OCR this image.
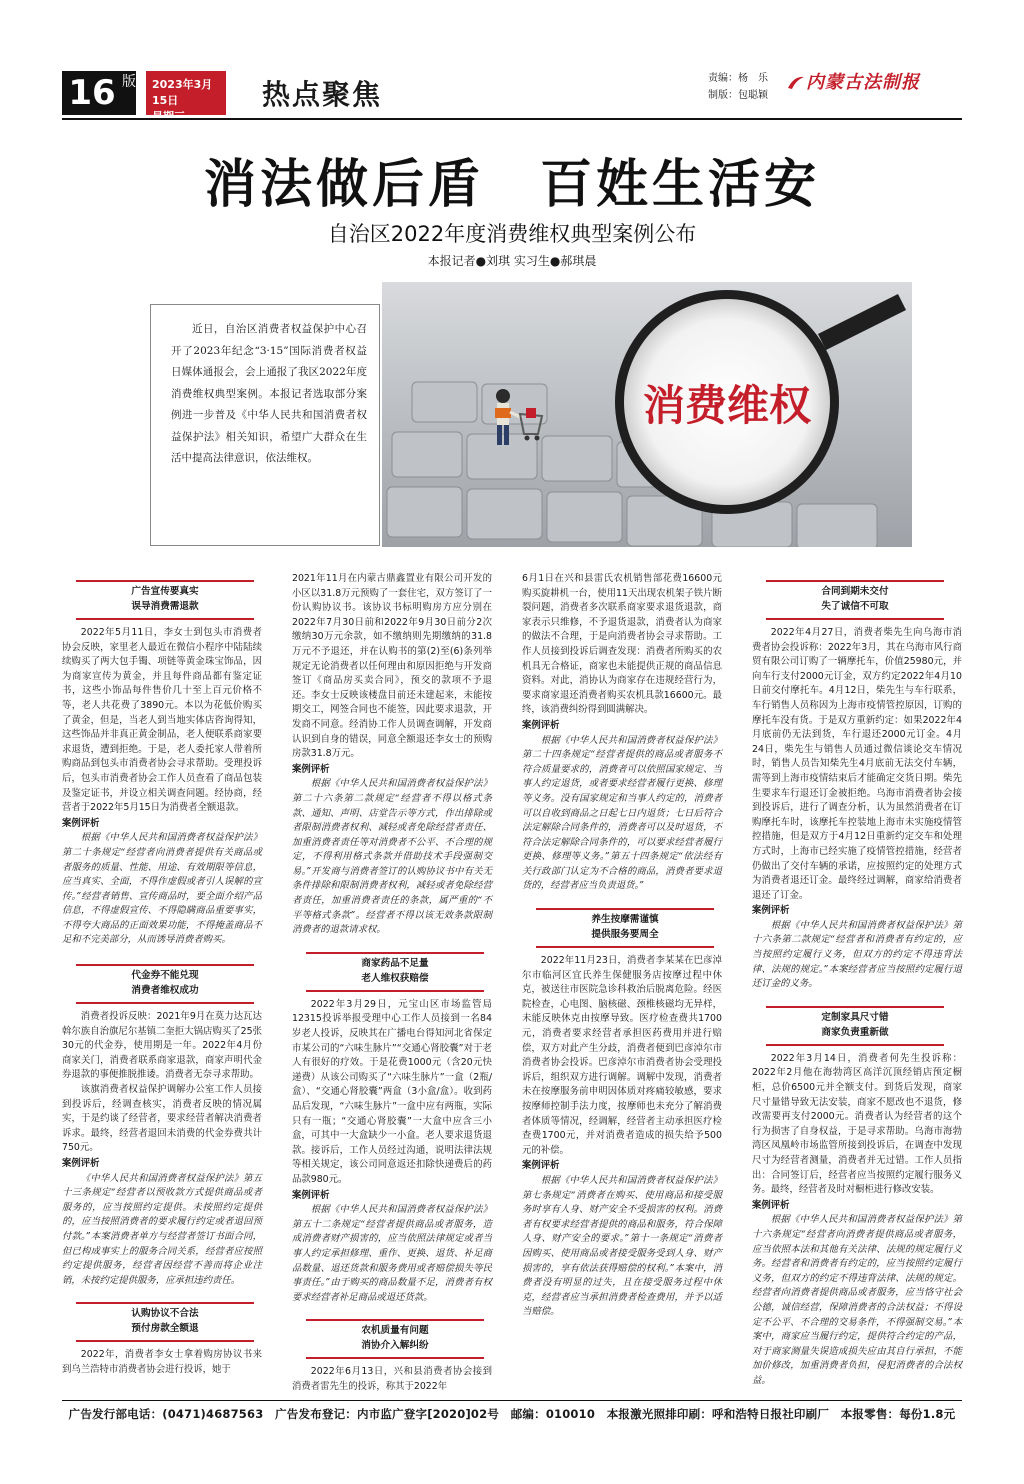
16 版 2023年3月15日
星期三
热点聚焦	责编：杨　乐
制版：包聪颖
内蒙古法制报
消法做后盾　百姓生活安
自治区2022年度消费维权典型案例公布
本报记者●刘琪 实习生●郝琪晨

近日，自治区消费者权益保护中心召开了2023年纪念“3·15”国际消费者权益日媒体通报会，会上通报了我区2022年度消费维权典型案例。本报记者选取部分案例进一步普及《中华人民共和国消费者权益保护法》相关知识，希望广大群众在生活中提高法律意识，依法维权。

消费维权
广告宣传要真实
误导消费需退款

2022年5月11日，李女士到包头市消费者协会反映，家里老人最近在微信小程序中陆陆续续购买了两大包手镯、项链等黄金珠宝饰品，因为商家宣传为黄金，并且每件商品都有鉴定证书，这些小饰品每件售价几十至上百元价格不等，老人共花费了3890元。本以为花低价购买了黄金，但是，当老人到当地实体店咨询得知，这些饰品并非真正黄金制品，老人便联系商家要求退货，遭到拒绝。于是，老人委托家人带着所购商品到包头市消费者协会寻求帮助。受理投诉后，包头市消费者协会工作人员查看了商品包装及鉴定证书，并设立相关调查问题。经协商，经营者于2022年5月15日为消费者全额退款。

案例评析

根据《中华人民共和国消费者权益保护法》第二十条规定“经营者向消费者提供有关商品或者服务的质量、性能、用途、有效期限等信息，应当真实、全面，不得作虚假或者引人误解的宣传。”经营者销售、宣传商品时，要全面介绍产品信息，不得虚假宣传、不得隐瞒商品重要事实，不得夸大商品的正面效果功能，不得掩盖商品不足和不完美部分，从而诱导消费者购买。

代金券不能兑现
消费者维权成功

消费者投诉反映：2021年9月在莫力达瓦达斡尔族自治旗尼尔基镇二奎拒大锅店购买了25张30元的代金券，使用期是一年。2022年4月份商家关门，消费者联系商家退款，商家声明代金券退款的事便推脱推诿。消费者无奈寻求帮助。

该旗消费者权益保护调解办公室工作人员接到投诉后，经调查核实，消费者反映的情况属实，于是约谈了经营者，要求经营者解决消费者诉求。最终，经营者退回未消费的代金券费共计750元。

案例评析

《中华人民共和国消费者权益保护法》第五十三条规定“经营者以预收款方式提供商品或者服务的，应当按照约定提供。未按照约定提供的，应当按照消费者的要求履行约定或者退回预付款。”本案消费者单方与经营者签订书面合同，但已构成事实上的服务合同关系，经营者应按照约定提供服务，经营者因经营不善而将企业注销，未按约定提供服务，应承担违约责任。

认购协议不合法
预付房款全额退

2022年，消费者李女士拿着购房协议书来到乌兰浩特市消费者协会进行投诉，她于

2021年11月在内蒙古鼎鑫置业有限公司开发的小区以31.8万元预购了一套住宅，双方签订了一份认购协议书。该协议书标明购房方应分别在2022年7月30日前和2022年9月30日前分2次缴纳30万元余款，如不缴纳则先期缴纳的31.8万元不予退还，并在认购书的第(2)至(6)条列举规定无论消费者以任何理由和原因拒绝与开发商签订《商品房买卖合同》，预交的款项不予退还。李女士反映该楼盘目前还未建起来，未能按期交工，网签合同也不能签，因此要求退款，开发商不同意。经消协工作人员调查调解，开发商认识到自身的错误，同意全额退还李女士的预购房款31.8万元。

案例评析

根据《中华人民共和国消费者权益保护法》第二十六条第二款规定“经营者不得以格式条款、通知、声明、店堂告示等方式，作出排除或者限制消费者权利、减轻或者免除经营者责任、加重消费者责任等对消费者不公平、不合理的规定，不得利用格式条款并借助技术手段强制交易。”开发商与消费者签订的认购协议书中有关无条件排除和限制消费者权利，减轻或者免除经营者责任，加重消费者责任的条款，属严重的“不平等格式条款”。经营者不得以该无效条款限制消费者的退款请求权。

商家药品不足量
老人维权获赔偿

2022年3月29日，元宝山区市场监管局12315投诉举报受理中心工作人员接到一名84岁老人投诉，反映其在广播电台得知河北省保定市某公司的“六味生脉片”“交通心肾胶囊”对于老人有很好的疗效。于是花费1000元（含20元快递费）从该公司购买了“六味生脉片”一盒（2瓶/盒）、“交通心肾胶囊”两盒（3小盒/盒）。收到药品后发现，“六味生脉片”一盒中应有两瓶，实际只有一瓶；“交通心肾胶囊”一大盒中应含三小盒，可其中一大盒缺少一小盒。老人要求退货退款。接诉后，工作人员经过沟通，说明法律法规等相关规定，该公司同意返还扣除快递费后的药品款980元。

案例评析

根据《中华人民共和国消费者权益保护法》第五十二条规定“经营者提供商品或者服务，造成消费者财产损害的，应当依照法律规定或者当事人约定承担修理、重作、更换、退货、补足商品数量、退还货款和服务费用或者赔偿损失等民事责任。”由于购买的商品数量不足，消费者有权要求经营者补足商品或退还货款。

农机质量有问题
消协介入解纠纷

2022年6月13日，兴和县消费者协会接到消费者雷先生的投诉，称其于2022年

6月1日在兴和县雷氏农机销售部花费16600元购买旋耕机一台，使用11天出现农机架子铁片断裂问题，消费者多次联系商家要求退货退款，商家表示只维修，不予退货退款，消费者认为商家的做法不合理，于是向消费者协会寻求帮助。工作人员接到投诉后调查发现：消费者所购买的农机具无合格证，商家也未能提供正规的商品信息资料。对此，消协认为商家存在违规经营行为，要求商家退还消费者购买农机具款16600元。最终，该消费纠纷得到圆满解决。

案例评析

根据《中华人民共和国消费者权益保护法》第二十四条规定“经营者提供的商品或者服务不符合质量要求的，消费者可以依照国家规定、当事人约定退货，或者要求经营者履行更换、修理等义务。没有国家规定和当事人约定的，消费者可以自收到商品之日起七日内退货；七日后符合法定解除合同条件的，消费者可以及时退货，不符合法定解除合同条件的，可以要求经营者履行更换、修理等义务。”第五十四条规定“依法经有关行政部门认定为不合格的商品，消费者要求退货的，经营者应当负责退货。”

养生按摩需谨慎
提供服务要周全

2022年11月23日，消费者李某某在巴彦淖尔市临河区宜氏养生保健服务店按摩过程中休克，被送往市医院急诊科救治后脱离危险。经医院检查，心电图、脑核磁、颈椎核磁均无异样，未能反映休克由按摩导致。医疗检查费共1700元，消费者要求经营者承担医药费用并进行赔偿，双方对此产生分歧，消费者便到巴彦淖尔市消费者协会投诉。巴彦淖尔市消费者协会受理投诉后，组织双方进行调解。调解中发现，消费者未在按摩服务前申明因体质对疼痛较敏感，要求按摩师控制手法力度，按摩师也未充分了解消费者体质等情况，经调解，经营者主动承担医疗检查费1700元，并对消费者造成的损失给予500元的补偿。

案例评析

根据《中华人民共和国消费者权益保护法》第七条规定“消费者在购买、使用商品和接受服务时享有人身、财产安全不受损害的权利。消费者有权要求经营者提供的商品和服务，符合保障人身、财产安全的要求。”第十一条规定“消费者因购买、使用商品或者接受服务受到人身、财产损害的，享有依法获得赔偿的权利。”本案中，消费者没有明显的过失，且在接受服务过程中休克，经营者应当承担消费者检查费用，并予以适当赔偿。

合同到期未交付
失了诚信不可取

2022年4月27日，消费者柴先生向乌海市消费者协会投诉称：2022年3月，其在乌海市风行商贸有限公司订购了一辆摩托车，价值25980元，并向车行支付2000元订金，双方约定2022年4月10日前交付摩托车。4月12日，柴先生与车行联系，车行销售人员称因为上海市疫情管控原因，订购的摩托车没有货。于是双方重新约定：如果2022年4月底前仍无法到货，车行退还2000元订金。4月24日，柴先生与销售人员通过微信谈论交车情况时，销售人员告知柴先生4月底前无法交付车辆，需等到上海市疫情结束后才能确定交货日期。柴先生要求车行退还订金被拒绝。乌海市消费者协会接到投诉后，进行了调查分析，认为虽然消费者在订购摩托车时，该摩托车控装地上海市未实施疫情管控措施，但是双方于4月12日重新约定交车和处理方式时，上海市已经实施了疫情管控措施，经营者仍做出了交付车辆的承诺，应按照约定的处理方式为消费者退还订金。最终经过调解，商家给消费者退还了订金。

案例评析

根据《中华人民共和国消费者权益保护法》第十六条第二款规定“经营者和消费者有约定的，应当按照约定履行义务，但双方的约定不得违背法律、法规的规定。”本案经营者应当按照约定履行退还订金的义务。

定制家具尺寸错
商家负责重新做

2022年3月14日，消费者何先生投诉称：2022年2月他在海勃湾区高洋沉顶经销店预定橱柜，总价6500元并全额支付。到货后发现，商家尺寸量错导致无法安装，商家不愿改也不退货，修改需要再支付2000元。消费者认为经营者的这个行为损害了自身权益，于是寻求帮助。乌海市海勃湾区凤凰岭市场监管所接到投诉后，在调查中发现尺寸为经营者测量，消费者并无过错。工作人员指出：合同签订后，经营者应当按照约定履行服务义务。最终，经营者及时对橱柜进行修改安装。

案例评析

根据《中华人民共和国消费者权益保护法》第十六条规定“经营者向消费者提供商品或者服务，应当依照本法和其他有关法律、法规的规定履行义务。经营者和消费者有约定的，应当按照约定履行义务，但双方的约定不得违背法律、法规的规定。经营者向消费者提供商品或者服务，应当恪守社会公德，诚信经营，保障消费者的合法权益；不得设定不公平、不合理的交易条件，不得强制交易。”本案中，商家应当履行约定，提供符合约定的产品，对于商家测量失误造成损失应由其自行承担，不能加价修改，加重消费者负担，侵犯消费者的合法权益。

广告发行部电话：(0471)4687563　广告发布登记：内市监广登字[2020]02号　邮编：010010　本报激光照排印刷：呼和浩特日报社印刷厂　本报零售：每份1.8元
